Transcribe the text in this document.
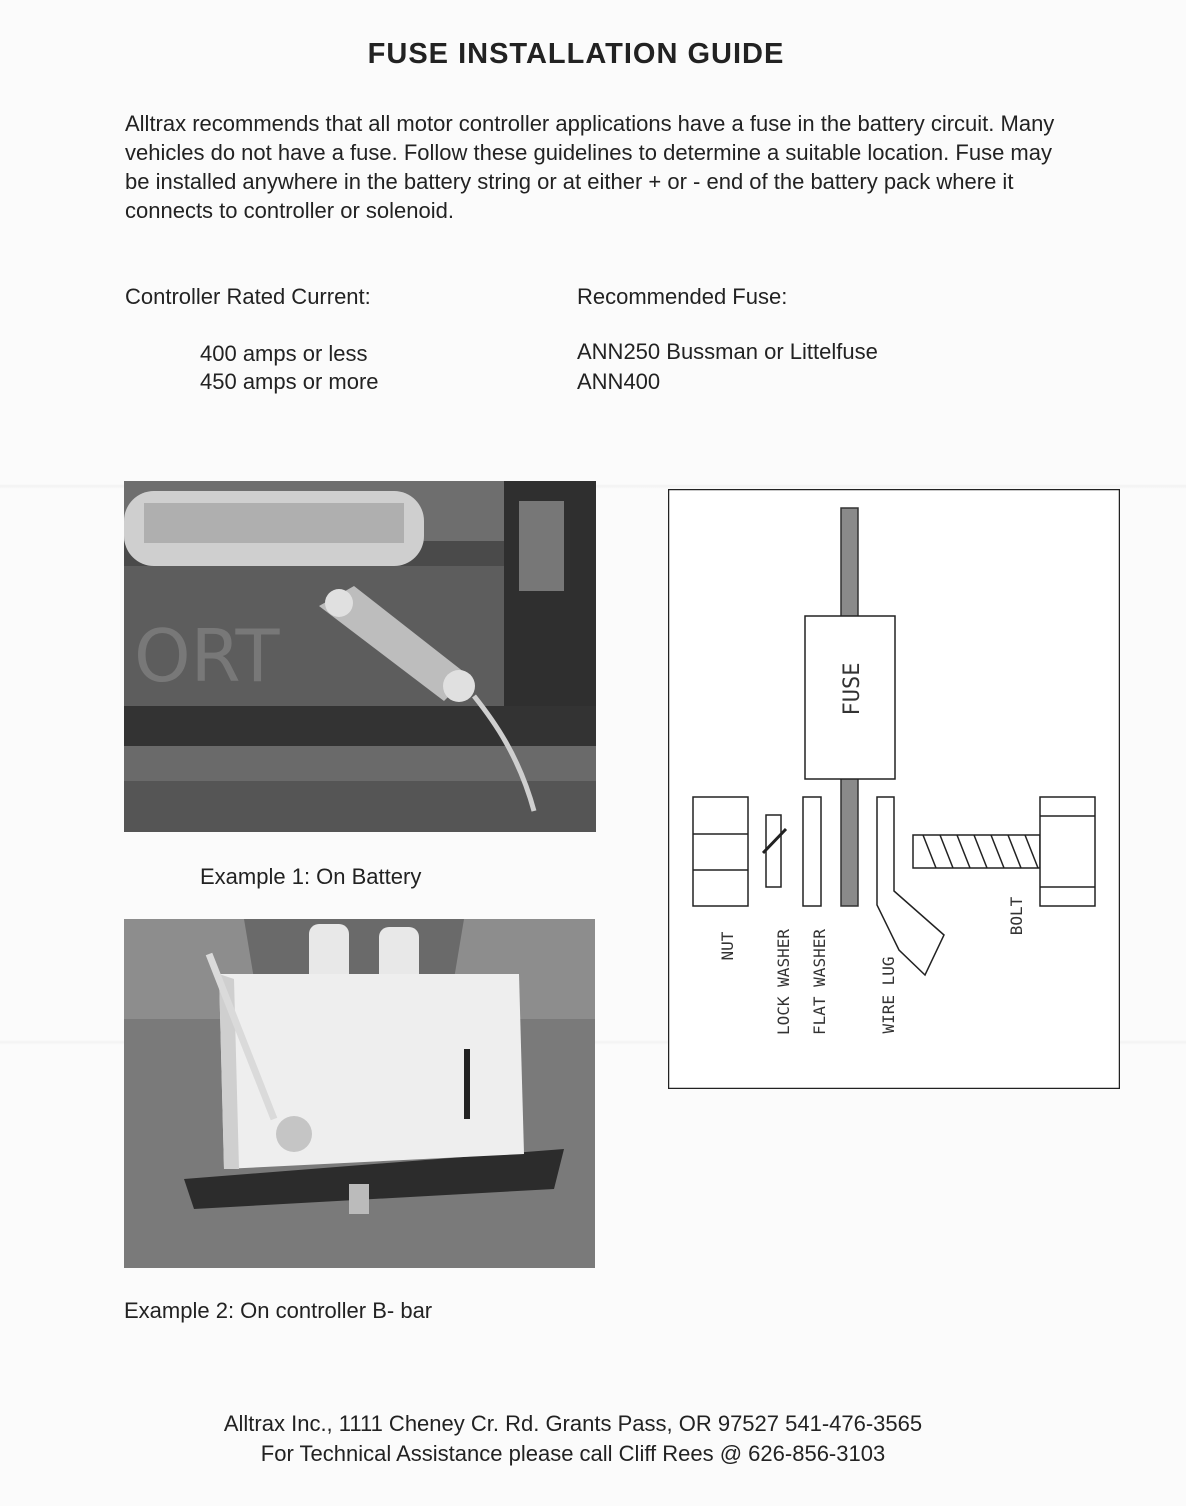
FUSE INSTALLATION GUIDE

Alltrax recommends that all motor controller applications have a fuse in the battery circuit. Many vehicles do not have a fuse. Follow these guidelines to determine a suitable location. Fuse may be installed anywhere in the battery string or at either + or - end of the battery pack where it connects to controller or solenoid.

Controller Rated Current:	Recommended Fuse:
400 amps or less	ANN250 Bussman or Littelfuse
450 amps or more	ANN400
ORT
Example 1: On Battery
Example 2: On controller B- bar
FUSE
NUT LOCK WASHER FLAT WASHER	WIRE LUG
BOLT
Alltrax Inc., 1111 Cheney Cr. Rd. Grants Pass, OR 97527 541-476-3565
For Technical Assistance please call Cliff Rees @ 626-856-3103
